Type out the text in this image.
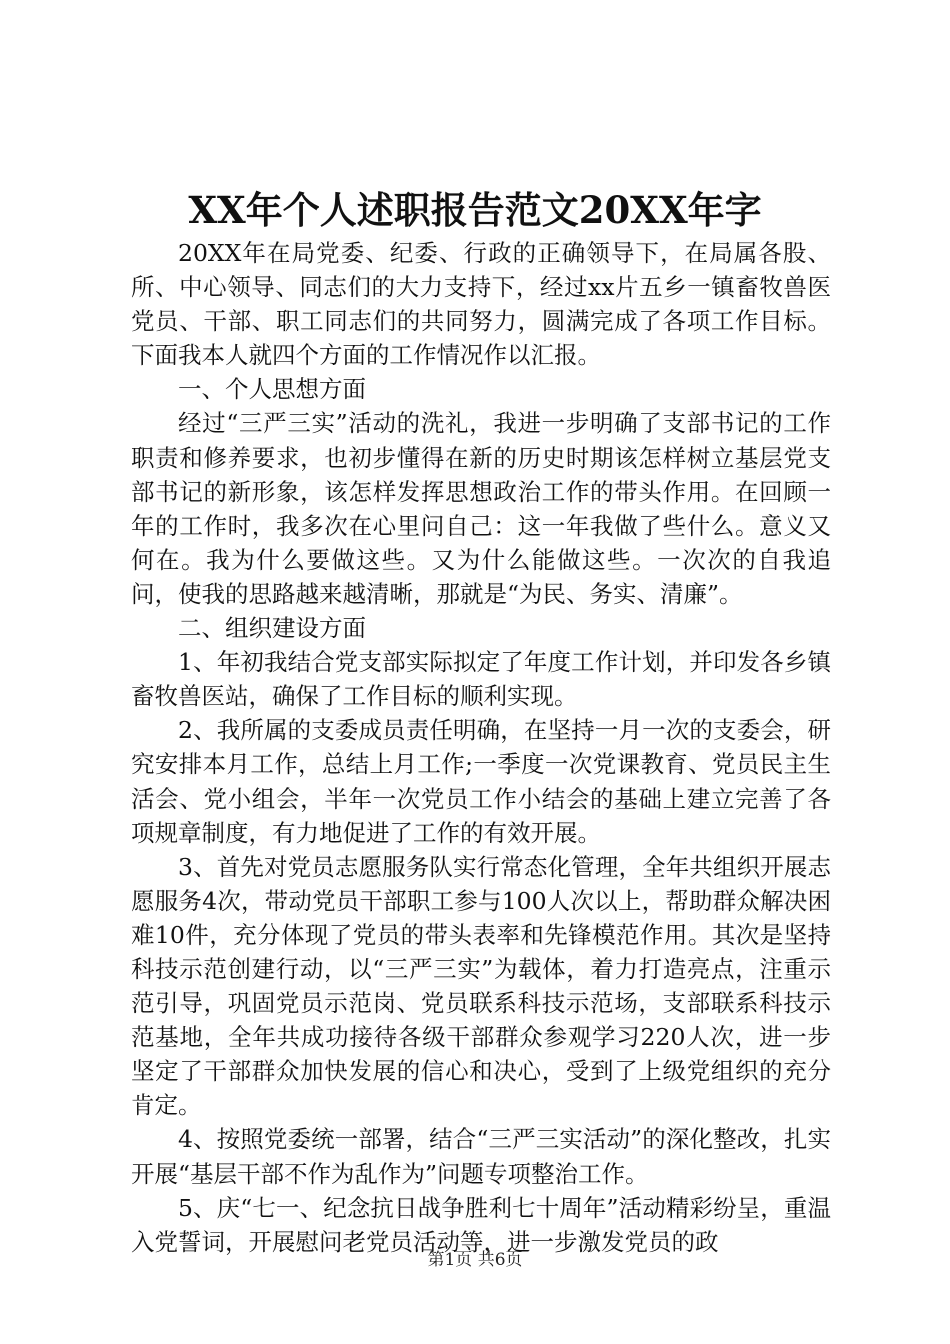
XX年个人述职报告范文20XX年字

20XX年在局党委、纪委、行政的正确领导下，在局属各股、所、中心领导、同志们的大力支持下，经过xx片五乡一镇畜牧兽医党员、干部、职工同志们的共同努力，圆满完成了各项工作目标。下面我本人就四个方面的工作情况作以汇报。

一、个人思想方面

经过“三严三实”活动的洗礼，我进一步明确了支部书记的工作职责和修养要求，也初步懂得在新的历史时期该怎样树立基层党支部书记的新形象，该怎样发挥思想政治工作的带头作用。在回顾一年的工作时，我多次在心里问自己：这一年我做了些什么。意义又何在。我为什么要做这些。又为什么能做这些。一次次的自我追问，使我的思路越来越清晰，那就是“为民、务实、清廉”。

二、组织建设方面

1、年初我结合党支部实际拟定了年度工作计划，并印发各乡镇畜牧兽医站，确保了工作目标的顺利实现。

2、我所属的支委成员责任明确，在坚持一月一次的支委会，研究安排本月工作，总结上月工作;一季度一次党课教育、党员民主生活会、党小组会，半年一次党员工作小结会的基础上建立完善了各项规章制度，有力地促进了工作的有效开展。

3、首先对党员志愿服务队实行常态化管理，全年共组织开展志愿服务4次，带动党员干部职工参与100人次以上，帮助群众解决困难10件，充分体现了党员的带头表率和先锋模范作用。其次是坚持科技示范创建行动，以“三严三实”为载体，着力打造亮点，注重示范引导，巩固党员示范岗、党员联系科技示范场，支部联系科技示范基地，全年共成功接待各级干部群众参观学习220人次，进一步坚定了干部群众加快发展的信心和决心，受到了上级党组织的充分肯定。

4、按照党委统一部署，结合“三严三实活动”的深化整改，扎实开展“基层干部不作为乱作为”问题专项整治工作。

5、庆“七一、纪念抗日战争胜利七十周年”活动精彩纷呈，重温入党誓词，开展慰问老党员活动等，进一步激发党员的政

第1页 共6页
